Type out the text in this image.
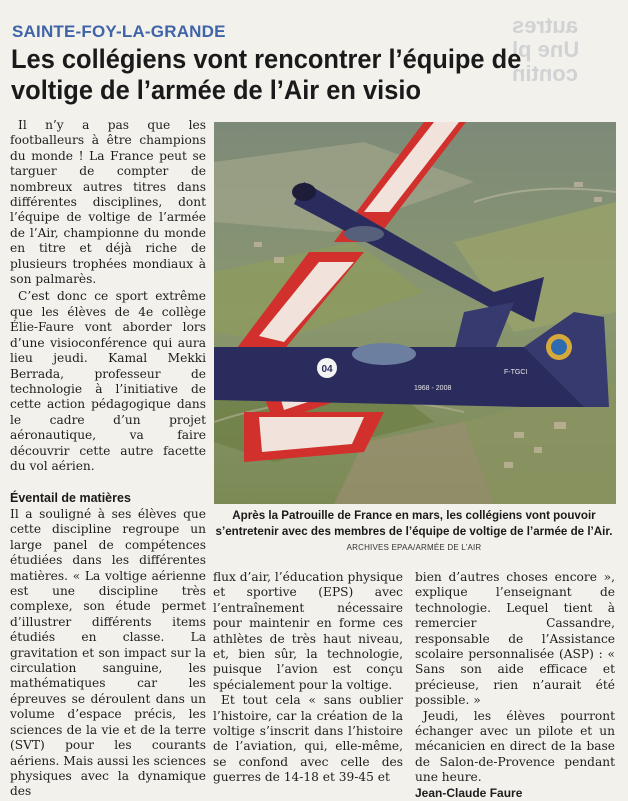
autres
Une pl
contin
SAINTE-FOY-LA-GRANDE
Les collégiens vont rencontrer l’équipe de voltige de l’armée de l’Air en visio

Il n’y a pas que les footballeurs à être champions du monde ! La France peut se targuer de compter de nombreux autres titres dans différentes disciplines, dont l’équipe de voltige de l’armée de l’Air, championne du monde en titre et déjà riche de plusieurs trophées mondiaux à son palmarès.

C’est donc ce sport extrême que les élèves de 4e collège Élie-Faure vont aborder lors d’une visioconférence qui aura lieu jeudi. Kamal Mekki Berrada, professeur de technologie à l’initiative de cette action pédagogique dans le cadre d’un projet aéronautique, va faire découvrir cette autre facette du vol aérien.

04
1968 - 2008
F-TGCI
Après la Patrouille de France en mars, les collégiens vont pouvoir s’entretenir avec des membres de l’équipe de voltige de l’armée de l’Air. ARCHIVES EPAA/ARMÉE DE L’AIR
Éventail de matières

Il a souligné à ses élèves que cette discipline regroupe un large panel de compétences étudiées dans les différentes matières. « La voltige aérienne est une discipline très complexe, son étude permet d’illustrer différents items étudiés en classe. La gravitation et son impact sur la circulation sanguine, les mathématiques car les épreuves se déroulent dans un volume d’espace précis, les sciences de la vie et de la terre (SVT) pour les courants aériens. Mais aussi les sciences physiques avec la dynamique des

flux d’air, l’éducation physique et sportive (EPS) avec l’entraînement nécessaire pour maintenir en forme ces athlètes de très haut niveau, et, bien sûr, la technologie, puisque l’avion est conçu spécialement pour la voltige.

Et tout cela « sans oublier l’histoire, car la création de la voltige s’inscrit dans l’histoire de l’aviation, qui, elle-même, se confond avec celle des guerres de 14-18 et 39-45 et

bien d’autres choses encore », explique l’enseignant de technologie. Lequel tient à remercier Cassandre, responsable de l’Assistance scolaire personnalisée (ASP) : « Sans son aide efficace et précieuse, rien n’aurait été possible. »

Jeudi, les élèves pourront échanger avec un pilote et un mécanicien en direct de la base de Salon-de-Provence pendant une heure.

Jean-Claude Faure
